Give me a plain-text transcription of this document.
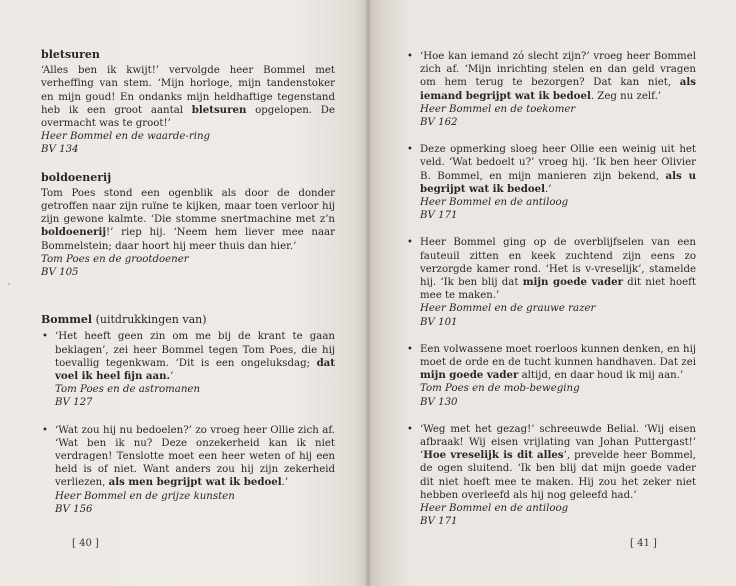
bletsuren

‘Alles ben ik kwijt!’ vervolgde heer Bommel met verheffing van stem. ‘Mijn horloge, mijn tandenstoker en mijn goud! En ondanks mijn heldhaftige tegenstand heb ik een groot aantal bletsuren opgelopen. De overmacht was te groot!’

Heer Bommel en de waarde-ring

BV 134

boldoenerij

Tom Poes stond een ogenblik als door de donder getroffen naar zijn ruïne te kijken, maar toen verloor hij zijn gewone kalmte. ‘Die stomme snertmachine met z’n boldoenerij!’ riep hij. ‘Neem hem liever mee naar Bommelstein; daar hoort hij meer thuis dan hier.’

Tom Poes en de grootdoener

BV 105

Bommel (uitdrukkingen van)
• ‘Het heeft geen zin om me bij de krant te gaan beklagen’, zei heer Bommel tegen Tom Poes, die hij toevallig tegenkwam. ‘Dit is een ongeluksdag; dat voel ik heel fijn aan.’

Tom Poes en de astromanen

BV 127

• ‘Wat zou hij nu bedoelen?’ zo vroeg heer Ollie zich af. ‘Wat ben ik nu? Deze onzekerheid kan ik niet verdragen! Tenslotte moet een heer weten of hij een held is of niet. Want anders zou hij zijn zekerheid verliezen, als men begrijpt wat ik bedoel.’

Heer Bommel en de grijze kunsten

BV 156

[ 40 ]
• ‘Hoe kan iemand zó slecht zijn?’ vroeg heer Bommel zich af. ‘Mijn inrichting stelen en dan geld vragen om hem terug te bezorgen? Dat kan niet, als iemand begrijpt wat ik bedoel. Zeg nu zelf.’

Heer Bommel en de toekomer

BV 162

• Deze opmerking sloeg heer Ollie een weinig uit het veld. ‘Wat bedoelt u?’ vroeg hij. ‘Ik ben heer Olivier B. Bommel, en mijn manieren zijn bekend, als u begrijpt wat ik bedoel.’

Heer Bommel en de antiloog

BV 171

• Heer Bommel ging op de overblijfselen van een fauteuil zitten en keek zuchtend zijn eens zo verzorgde kamer rond. ‘Het is v-vreselijk’, stamelde hij. ‘Ik ben blij dat mijn goede vader dit niet hoeft mee te maken.’

Heer Bommel en de grauwe razer

BV 101

• Een volwassene moet roerloos kunnen denken, en hij moet de orde en de tucht kunnen handhaven. Dat zei mijn goede vader altijd, en daar houd ik mij aan.’

Tom Poes en de mob-beweging

BV 130

• ‘Weg met het gezag!’ schreeuwde Belial. ‘Wij eisen afbraak! Wij eisen vrijlating van Johan Puttergast!’ ‘Hoe vreselijk is dit alles’, prevelde heer Bommel, de ogen sluitend. ‘Ik ben blij dat mijn goede vader dit niet hoeft mee te maken. Hij zou het zeker niet hebben overleefd als hij nog geleefd had.’

Heer Bommel en de antiloog

BV 171

[ 41 ]
